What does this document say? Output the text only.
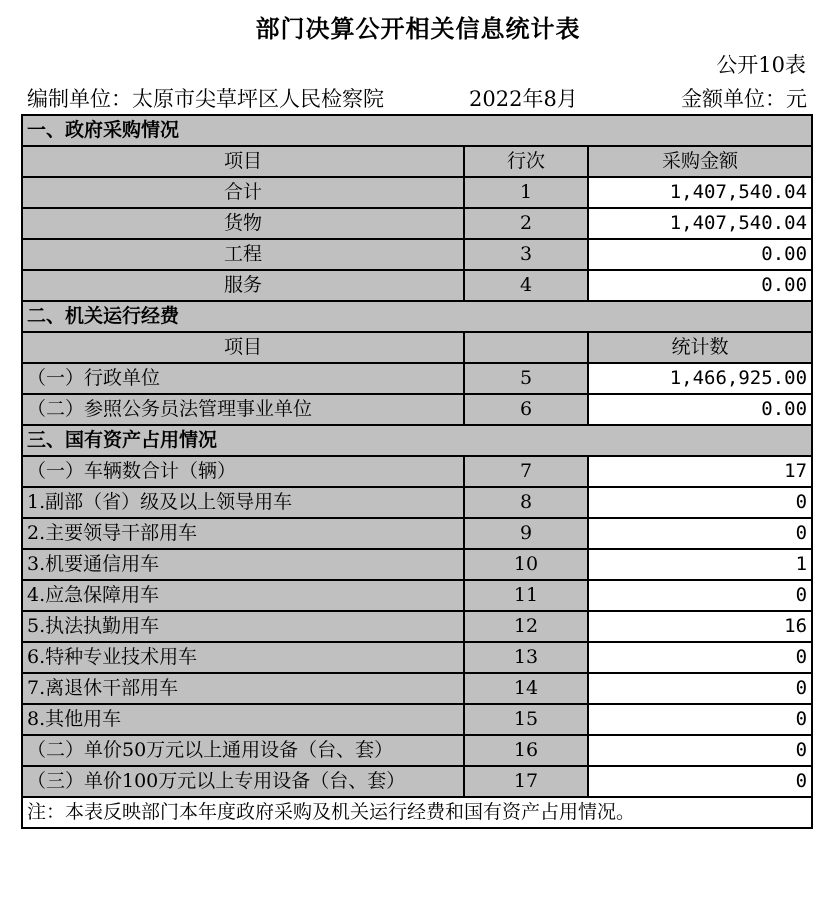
部门决算公开相关信息统计表
公开10表
编制单位：太原市尖草坪区人民检察院	2022年8月	金额单位：元
一、政府采购情况		
项目	行次	采购金额
合计	1	1,407,540.04
货物	2	1,407,540.04
工程	3	0.00
服务	4	0.00
二、机关运行经费		
项目		统计数
（一）行政单位	5	1,466,925.00
（二）参照公务员法管理事业单位	6	0.00
三、国有资产占用情况		
（一）车辆数合计（辆）	7	17
1.副部（省）级及以上领导用车	8	0
2.主要领导干部用车	9	0
3.机要通信用车	10	1
4.应急保障用车	11	0
5.执法执勤用车	12	16
6.特种专业技术用车	13	0
7.离退休干部用车	14	0
8.其他用车	15	0
（二）单价50万元以上通用设备（台、套）	16	0
（三）单价100万元以上专用设备（台、套）	17	0
注：本表反映部门本年度政府采购及机关运行经费和国有资产占用情况。		
